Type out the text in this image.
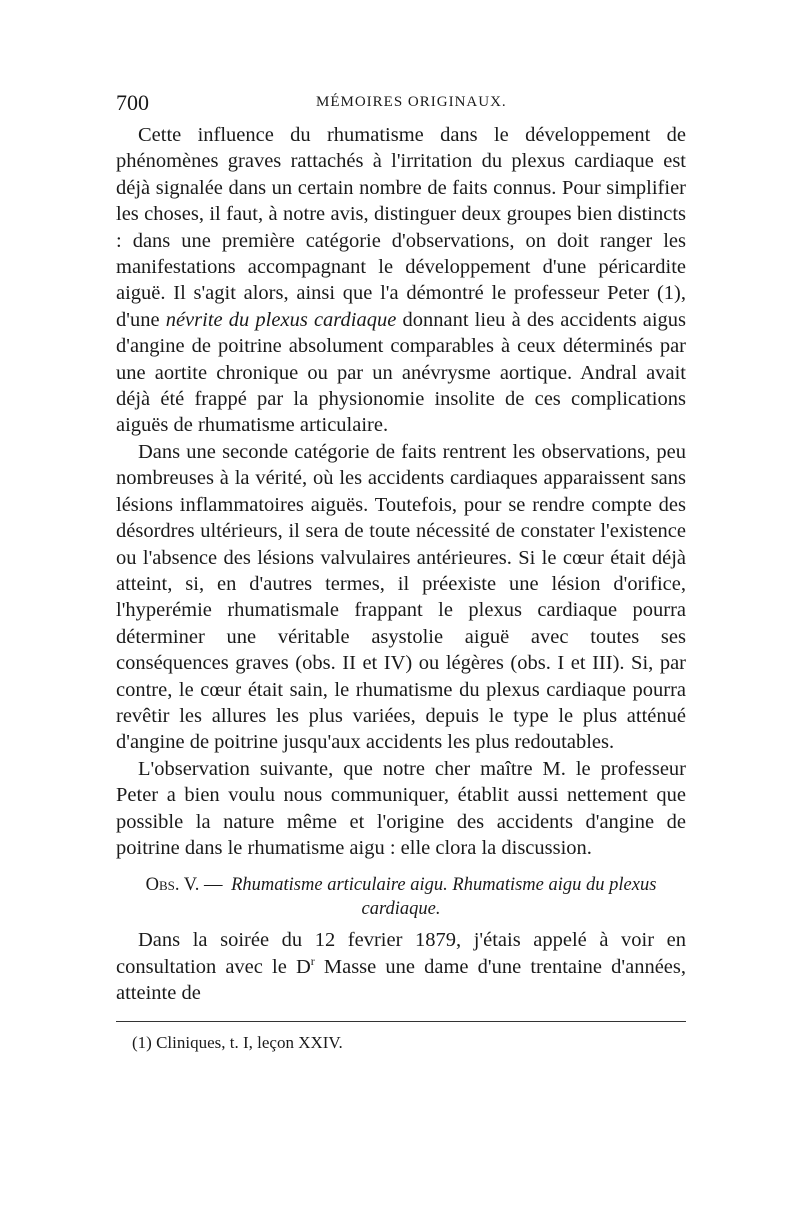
700	MÉMOIRES ORIGINAUX.

Cette influence du rhumatisme dans le développement de phénomènes graves rattachés à l'irritation du plexus cardiaque est déjà signalée dans un certain nombre de faits connus. Pour simplifier les choses, il faut, à notre avis, distinguer deux groupes bien distincts : dans une première catégorie d'observations, on doit ranger les manifestations accompagnant le développement d'une péricardite aiguë. Il s'agit alors, ainsi que l'a démontré le professeur Peter (1), d'une névrite du plexus cardiaque donnant lieu à des accidents aigus d'angine de poitrine absolument comparables à ceux déterminés par une aortite chronique ou par un anévrysme aortique. Andral avait déjà été frappé par la physionomie insolite de ces complications aiguës de rhumatisme articulaire.

Dans une seconde catégorie de faits rentrent les observations, peu nombreuses à la vérité, où les accidents cardiaques apparaissent sans lésions inflammatoires aiguës. Toutefois, pour se rendre compte des désordres ultérieurs, il sera de toute nécessité de constater l'existence ou l'absence des lésions valvulaires antérieures. Si le cœur était déjà atteint, si, en d'autres termes, il préexiste une lésion d'orifice, l'hyperémie rhumatismale frappant le plexus cardiaque pourra déterminer une véritable asystolie aiguë avec toutes ses conséquences graves (obs. II et IV) ou légères (obs. I et III). Si, par contre, le cœur était sain, le rhumatisme du plexus cardiaque pourra revêtir les allures les plus variées, depuis le type le plus atténué d'angine de poitrine jusqu'aux accidents les plus redoutables.

L'observation suivante, que notre cher maître M. le professeur Peter a bien voulu nous communiquer, établit aussi nettement que possible la nature même et l'origine des accidents d'angine de poitrine dans le rhumatisme aigu : elle clora la discussion.

Obs. V. — Rhumatisme articulaire aigu. Rhumatisme aigu du plexus cardiaque.

Dans la soirée du 12 fevrier 1879, j'étais appelé à voir en consultation avec le $D^r$ Masse une dame d'une trentaine d'années, atteinte de

(1) Cliniques, t. I, leçon XXIV.
